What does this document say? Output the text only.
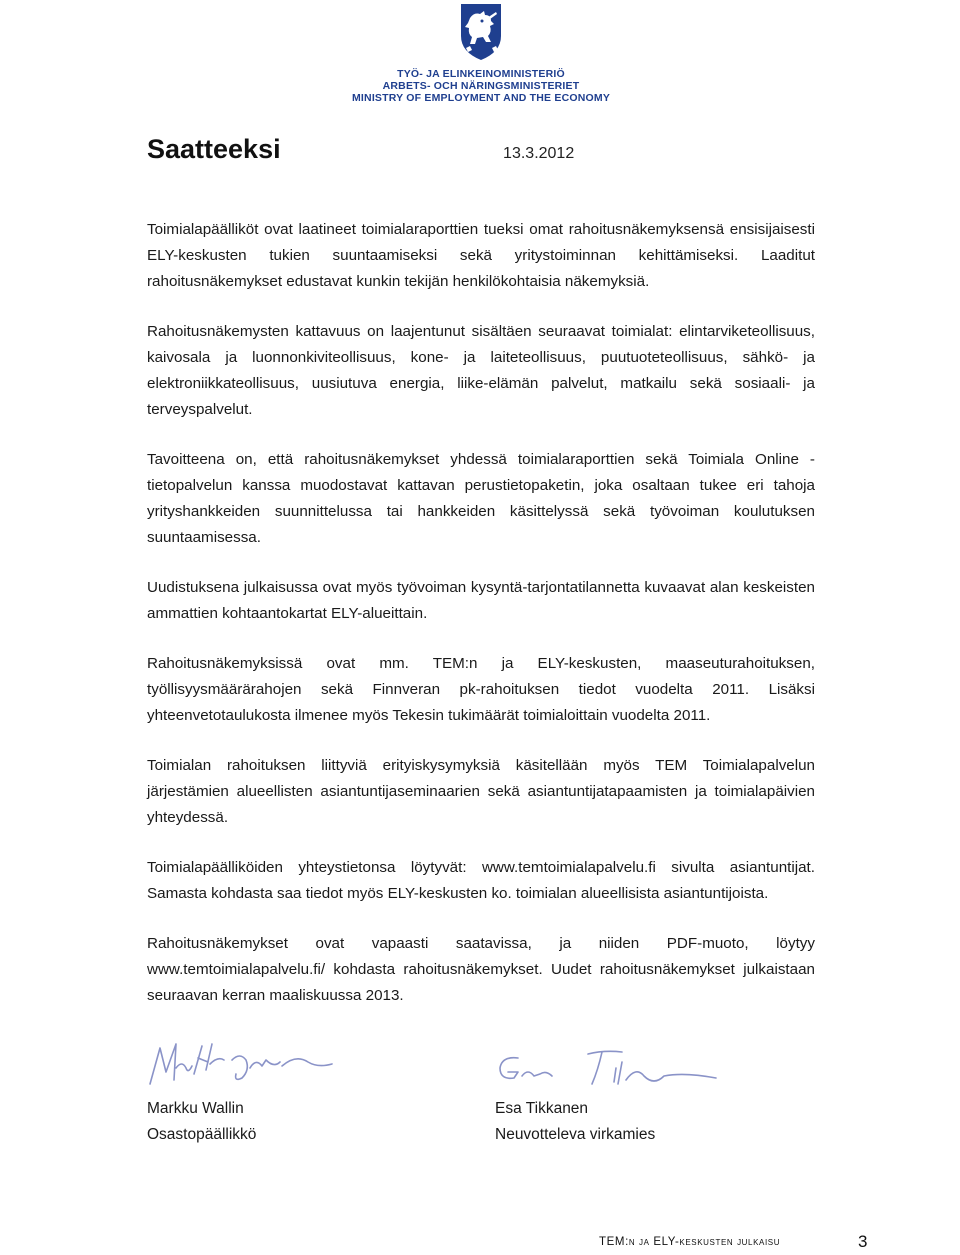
TYÖ- JA ELINKEINOMINISTERIÖ
ARBETS- OCH NÄRINGSMINISTERIET
MINISTRY OF EMPLOYMENT AND THE ECONOMY
Saatteeksi	13.3.2012

Toimialapäälliköt ovat laatineet toimialaraporttien tueksi omat rahoitusnäkemyksensä ensisijaisesti ELY-keskusten tukien suuntaamiseksi sekä yritystoiminnan kehittämiseksi. Laaditut rahoitusnäkemykset edustavat kunkin tekijän henkilökohtaisia näkemyksiä.

Rahoitusnäkemysten kattavuus on laajentunut sisältäen seuraavat toimialat: elintarviketeollisuus, kaivosala ja luonnonkiviteollisuus, kone- ja laiteteollisuus, puutuoteteollisuus, sähkö- ja elektroniikkateollisuus, uusiutuva energia, liike-elämän palvelut, matkailu sekä sosiaali- ja terveyspalvelut.

Tavoitteena on, että rahoitusnäkemykset yhdessä toimialaraporttien sekä Toimiala Online -tietopalvelun kanssa muodostavat kattavan perustietopaketin, joka osaltaan tukee eri tahoja yrityshankkeiden suunnittelussa tai hankkeiden käsittelyssä sekä työvoiman koulutuksen suuntaamisessa.

Uudistuksena julkaisussa ovat myös työvoiman kysyntä-tarjontatilannetta kuvaavat alan keskeisten ammattien kohtaantokartat ELY-alueittain.

Rahoitusnäkemyksissä ovat mm. TEM:n ja ELY-keskusten, maaseuturahoituksen, työllisyysmäärärahojen sekä Finnveran pk-rahoituksen tiedot vuodelta 2011. Lisäksi yhteenvetotaulukosta ilmenee myös Tekesin tukimäärät toimialoittain vuodelta 2011.

Toimialan rahoituksen liittyviä erityiskysymyksiä käsitellään myös TEM Toimialapalvelun järjestämien alueellisten asiantuntijaseminaarien sekä asiantuntijatapaamisten ja toimialapäivien yhteydessä.

Toimialapäälliköiden yhteystietonsa löytyvät: www.temtoimialapalvelu.fi sivulta asiantuntijat. Samasta kohdasta saa tiedot myös ELY-keskusten ko. toimialan alueellisista asiantuntijoista.

Rahoitusnäkemykset ovat vapaasti saatavissa, ja niiden PDF-muoto, löytyy www.temtoimialapalvelu.fi/ kohdasta rahoitusnäkemykset. Uudet rahoitusnäkemykset julkaistaan seuraavan kerran maaliskuussa 2013.

Markku Wallin
Osastopäällikkö
Esa Tikkanen
Neuvotteleva virkamies
TEM:n ja ELY-keskusten julkaisu	3
